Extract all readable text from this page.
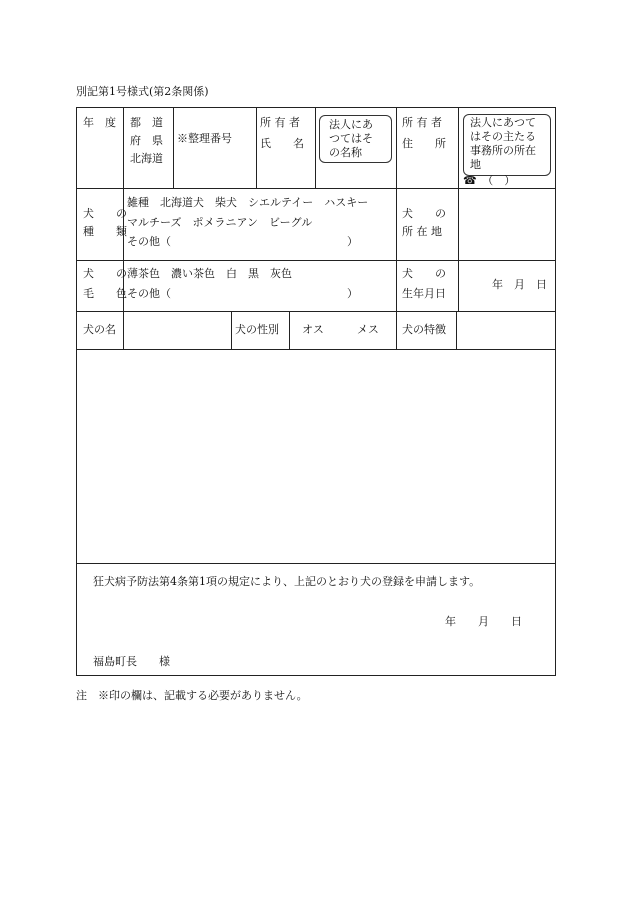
別記第1号様式(第2条関係)
年　度 都　道
府　県
北海道
※整理番号
所 有 者
氏　　名
法人にあ
つてはそ
の名称
所 有 者
住　　所
法人にあつて
はその主たる
事務所の所在
地
☎　（　）
犬　　の
種　　類
雑種　北海道犬　柴犬　シエルテイー　ハスキー
マルチーズ　ポメラニアン　ビーグル
その他（　　　　　　　　　　　　　　　　）
犬　　の
所 在 地
犬　　の
毛　　色
薄茶色　濃い茶色　白　黒　灰色
その他（　　　　　　　　　　　　　　　　）
犬　　の
生年月日
年　月　日
犬の名	犬の性別 オス　　　メス 犬の特徴
狂犬病予防法第4条第1項の規定により、上記のとおり犬の登録を申請します。
年　　月　　日
福島町長　　様
注　※印の欄は、記載する必要がありません。
